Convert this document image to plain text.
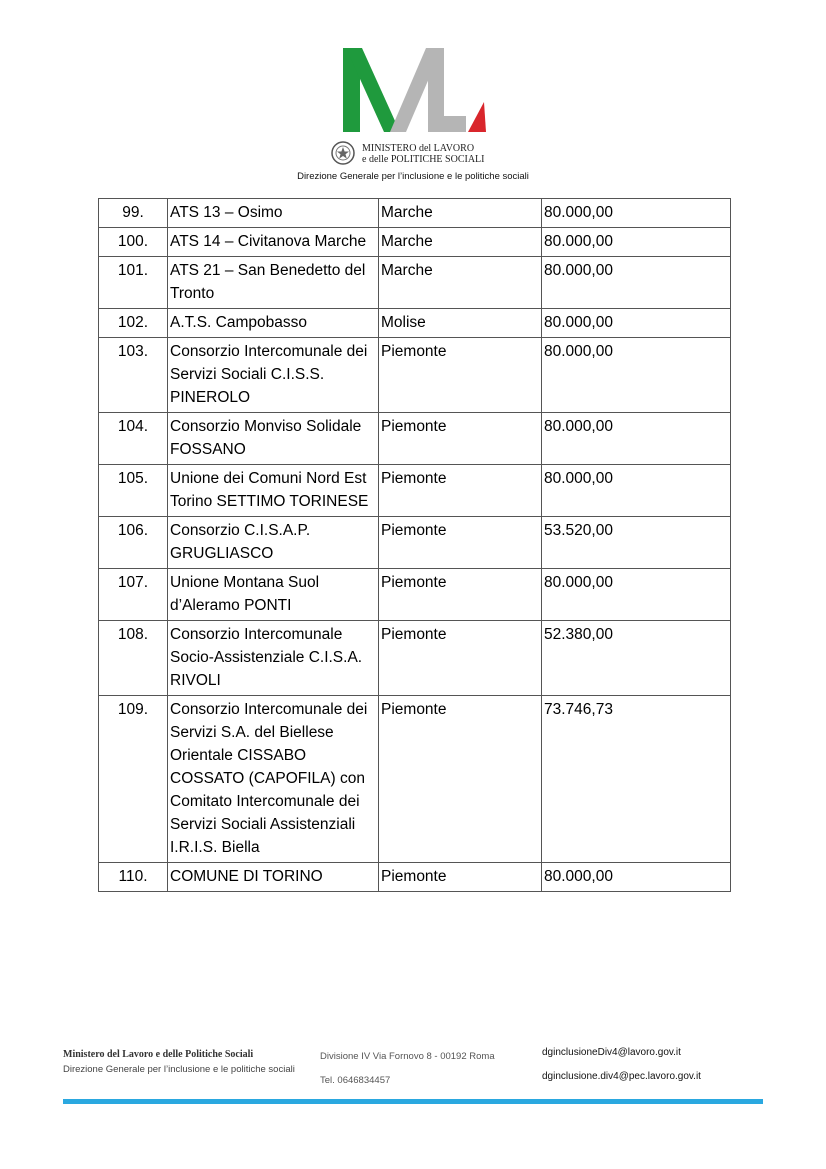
MINISTERO del LAVORO
e delle POLITICHE SOCIALI
Direzione Generale per l’inclusione e le politiche sociali
99.	ATS 13 – Osimo	Marche	80.000,00
100.	ATS 14 – Civitanova Marche	Marche	80.000,00
101.	ATS 21 – San Benedetto del Tronto	Marche	80.000,00
102.	A.T.S. Campobasso	Molise	80.000,00
103.	Consorzio Intercomunale dei Servizi Sociali C.I.S.S. PINEROLO	Piemonte	80.000,00
104.	Consorzio Monviso Solidale FOSSANO	Piemonte	80.000,00
105.	Unione dei Comuni Nord Est Torino SETTIMO TORINESE	Piemonte	80.000,00
106.	Consorzio C.I.S.A.P. GRUGLIASCO	Piemonte	53.520,00
107.	Unione Montana Suol d’Aleramo PONTI	Piemonte	80.000,00
108.	Consorzio Intercomunale Socio-Assistenziale C.I.S.A. RIVOLI	Piemonte	52.380,00
109.	Consorzio Intercomunale dei Servizi S.A. del Biellese Orientale CISSABO COSSATO (CAPOFILA) con Comitato Intercomunale dei Servizi Sociali Assistenziali I.R.I.S. Biella	Piemonte	73.746,73
110.	COMUNE DI TORINO	Piemonte	80.000,00
Ministero del Lavoro e delle Politiche Sociali
Direzione Generale per l’inclusione e le politiche sociali
Divisione IV Via Fornovo 8 - 00192 Roma
Tel. 0646834457
dginclusioneDiv4@lavoro.gov.it
dginclusione.div4@pec.lavoro.gov.it
